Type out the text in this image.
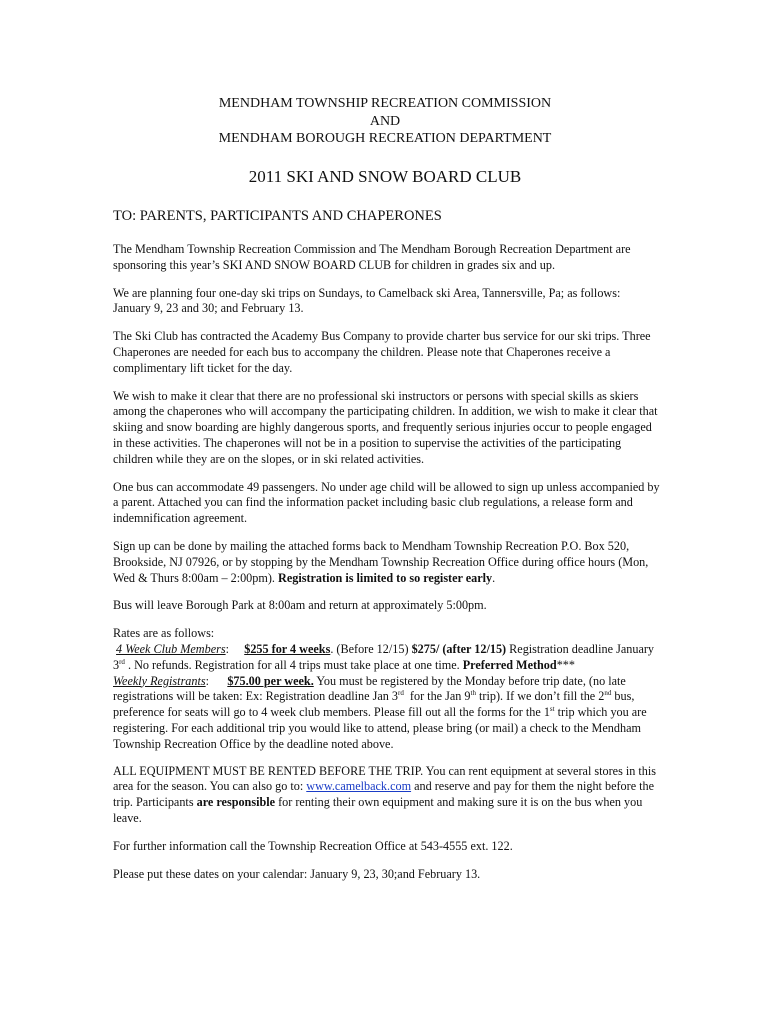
MENDHAM TOWNSHIP RECREATION COMMISSION
AND
MENDHAM BOROUGH RECREATION DEPARTMENT
2011 SKI AND SNOW BOARD CLUB
TO: PARENTS, PARTICIPANTS AND CHAPERONES

The Mendham Township Recreation Commission and The Mendham Borough Recreation Department are sponsoring this year’s SKI AND SNOW BOARD CLUB for children in grades six and up.

We are planning four one-day ski trips on Sundays, to Camelback ski Area, Tannersville, Pa; as follows: January 9, 23 and 30; and February 13.

The Ski Club has contracted the Academy Bus Company to provide charter bus service for our ski trips. Three Chaperones are needed for each bus to accompany the children. Please note that Chaperones receive a complimentary lift ticket for the day.

We wish to make it clear that there are no professional ski instructors or persons with special skills as skiers among the chaperones who will accompany the participating children. In addition, we wish to make it clear that skiing and snow boarding are highly dangerous sports, and frequently serious injuries occur to people engaged in these activities. The chaperones will not be in a position to supervise the activities of the participating children while they are on the slopes, or in ski related activities.

One bus can accommodate 49 passengers. No under age child will be allowed to sign up unless accompanied by a parent. Attached you can find the information packet including basic club regulations, a release form and indemnification agreement.

Sign up can be done by mailing the attached forms back to Mendham Township Recreation P.O. Box 520, Brookside, NJ 07926, or by stopping by the Mendham Township Recreation Office during office hours (Mon, Wed & Thurs 8:00am – 2:00pm). Registration is limited to so register early.

Bus will leave Borough Park at 8:00am and return at approximately 5:00pm.

Rates are as follows:
4 Week Club Members:     $255 for 4 weeks. (Before 12/15) $275/ (after 12/15) Registration deadline January 3rd . No refunds. Registration for all 4 trips must take place at one time. Preferred Method***
Weekly Registrants:      $75.00 per week. You must be registered by the Monday before trip date, (no late registrations will be taken: Ex: Registration deadline Jan 3rd  for the Jan 9th trip). If we don’t fill the 2nd bus, preference for seats will go to 4 week club members. Please fill out all the forms for the 1st trip which you are registering. For each additional trip you would like to attend, please bring (or mail) a check to the Mendham Township Recreation Office by the deadline noted above.

ALL EQUIPMENT MUST BE RENTED BEFORE THE TRIP. You can rent equipment at several stores in this area for the season. You can also go to: www.camelback.com and reserve and pay for them the night before the trip. Participants are responsible for renting their own equipment and making sure it is on the bus when you leave.

For further information call the Township Recreation Office at 543-4555 ext. 122.

Please put these dates on your calendar: January 9, 23, 30;and February 13.
